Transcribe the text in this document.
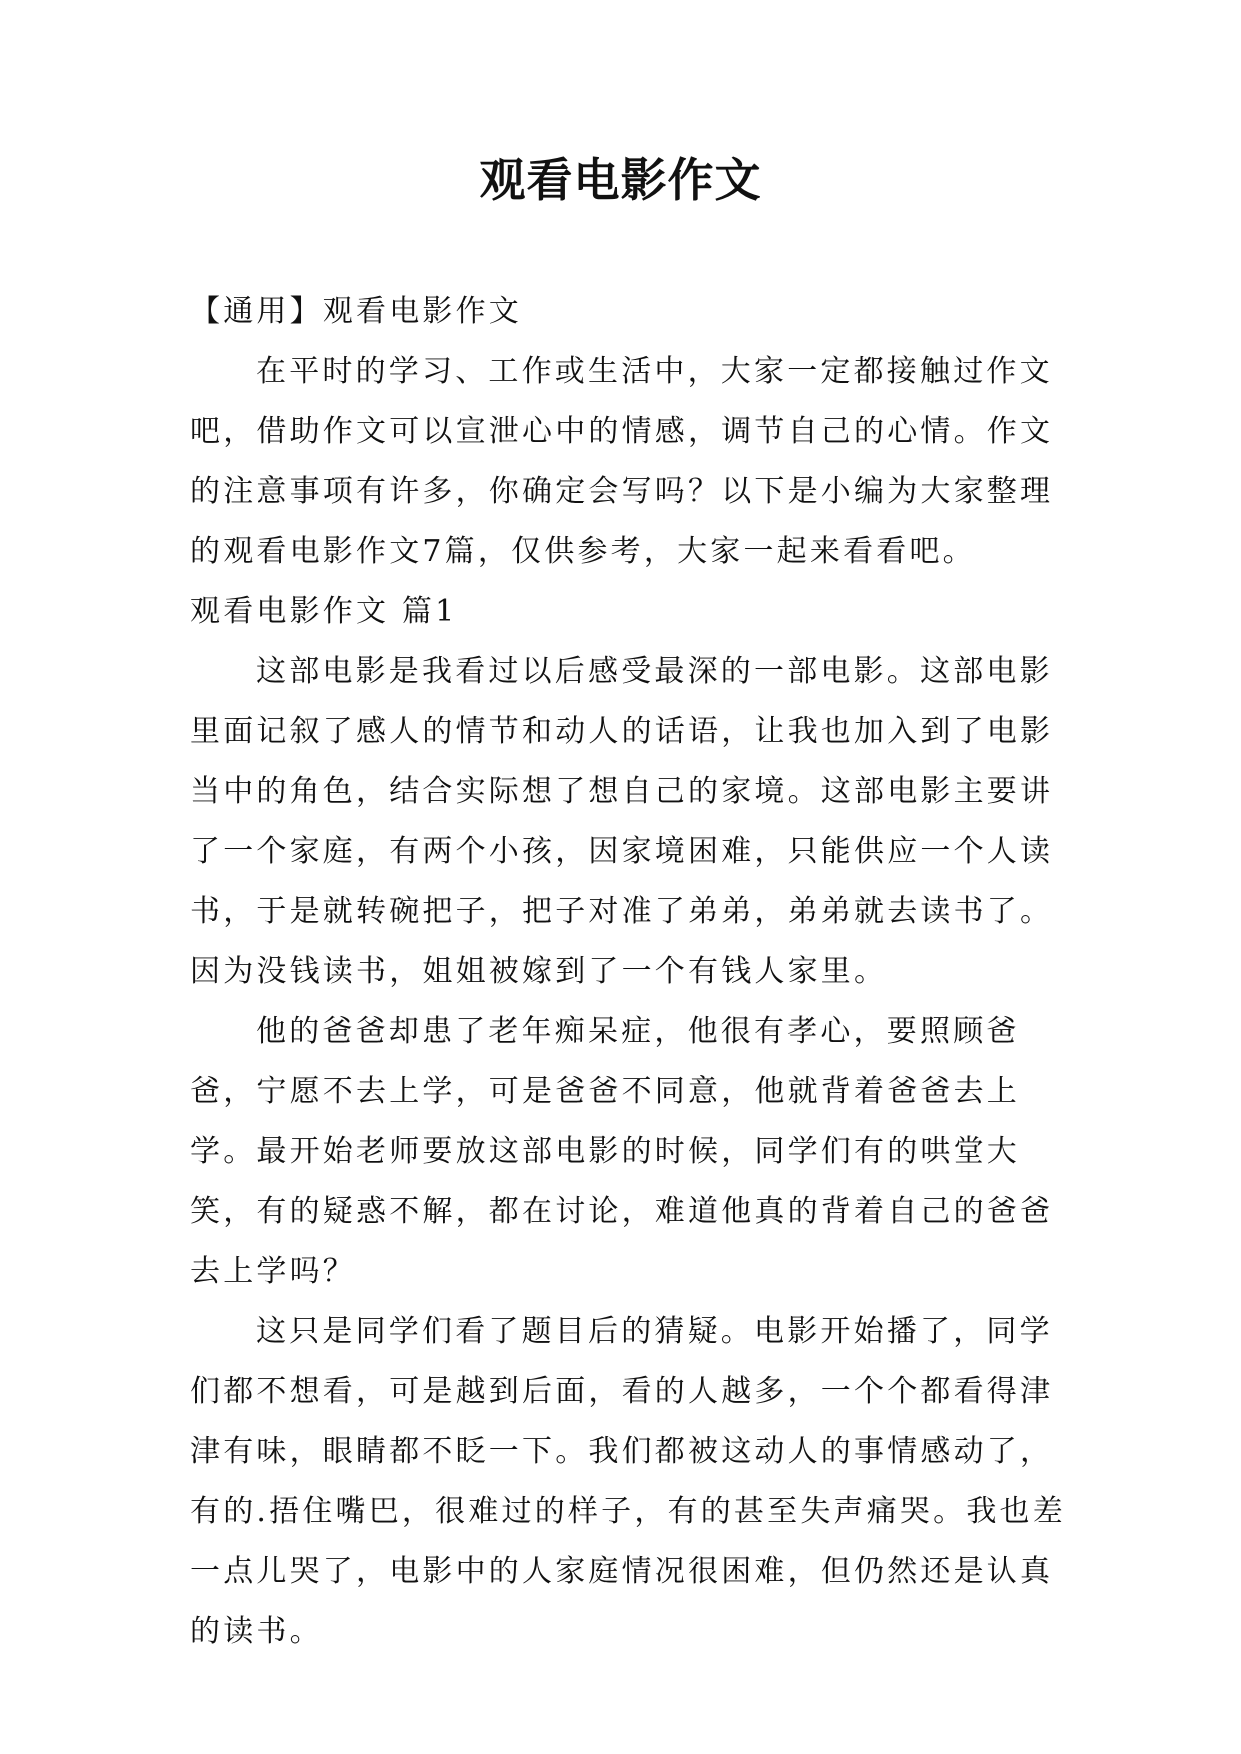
观看电影作文

【通用】观看电影作文

在平时的学习、工作或生活中，大家一定都接触过作文吧，借助作文可以宣泄心中的情感，调节自己的心情。作文的注意事项有许多，你确定会写吗？以下是小编为大家整理的观看电影作文7篇，仅供参考，大家一起来看看吧。

观看电影作文 篇1

这部电影是我看过以后感受最深的一部电影。这部电影里面记叙了感人的情节和动人的话语，让我也加入到了电影当中的角色，结合实际想了想自己的家境。这部电影主要讲了一个家庭，有两个小孩，因家境困难，只能供应一个人读书，于是就转碗把子，把子对准了弟弟，弟弟就去读书了。因为没钱读书，姐姐被嫁到了一个有钱人家里。

他的爸爸却患了老年痴呆症，他很有孝心，要照顾爸爸，宁愿不去上学，可是爸爸不同意，他就背着爸爸去上学。最开始老师要放这部电影的时候，同学们有的哄堂大笑，有的疑惑不解，都在讨论，难道他真的背着自己的爸爸去上学吗？

这只是同学们看了题目后的猜疑。电影开始播了，同学们都不想看，可是越到后面，看的人越多，一个个都看得津津有味，眼睛都不眨一下。我们都被这动人的事情感动了，有的.捂住嘴巴，很难过的样子，有的甚至失声痛哭。我也差一点儿哭了，电影中的人家庭情况很困难，但仍然还是认真的读书。
